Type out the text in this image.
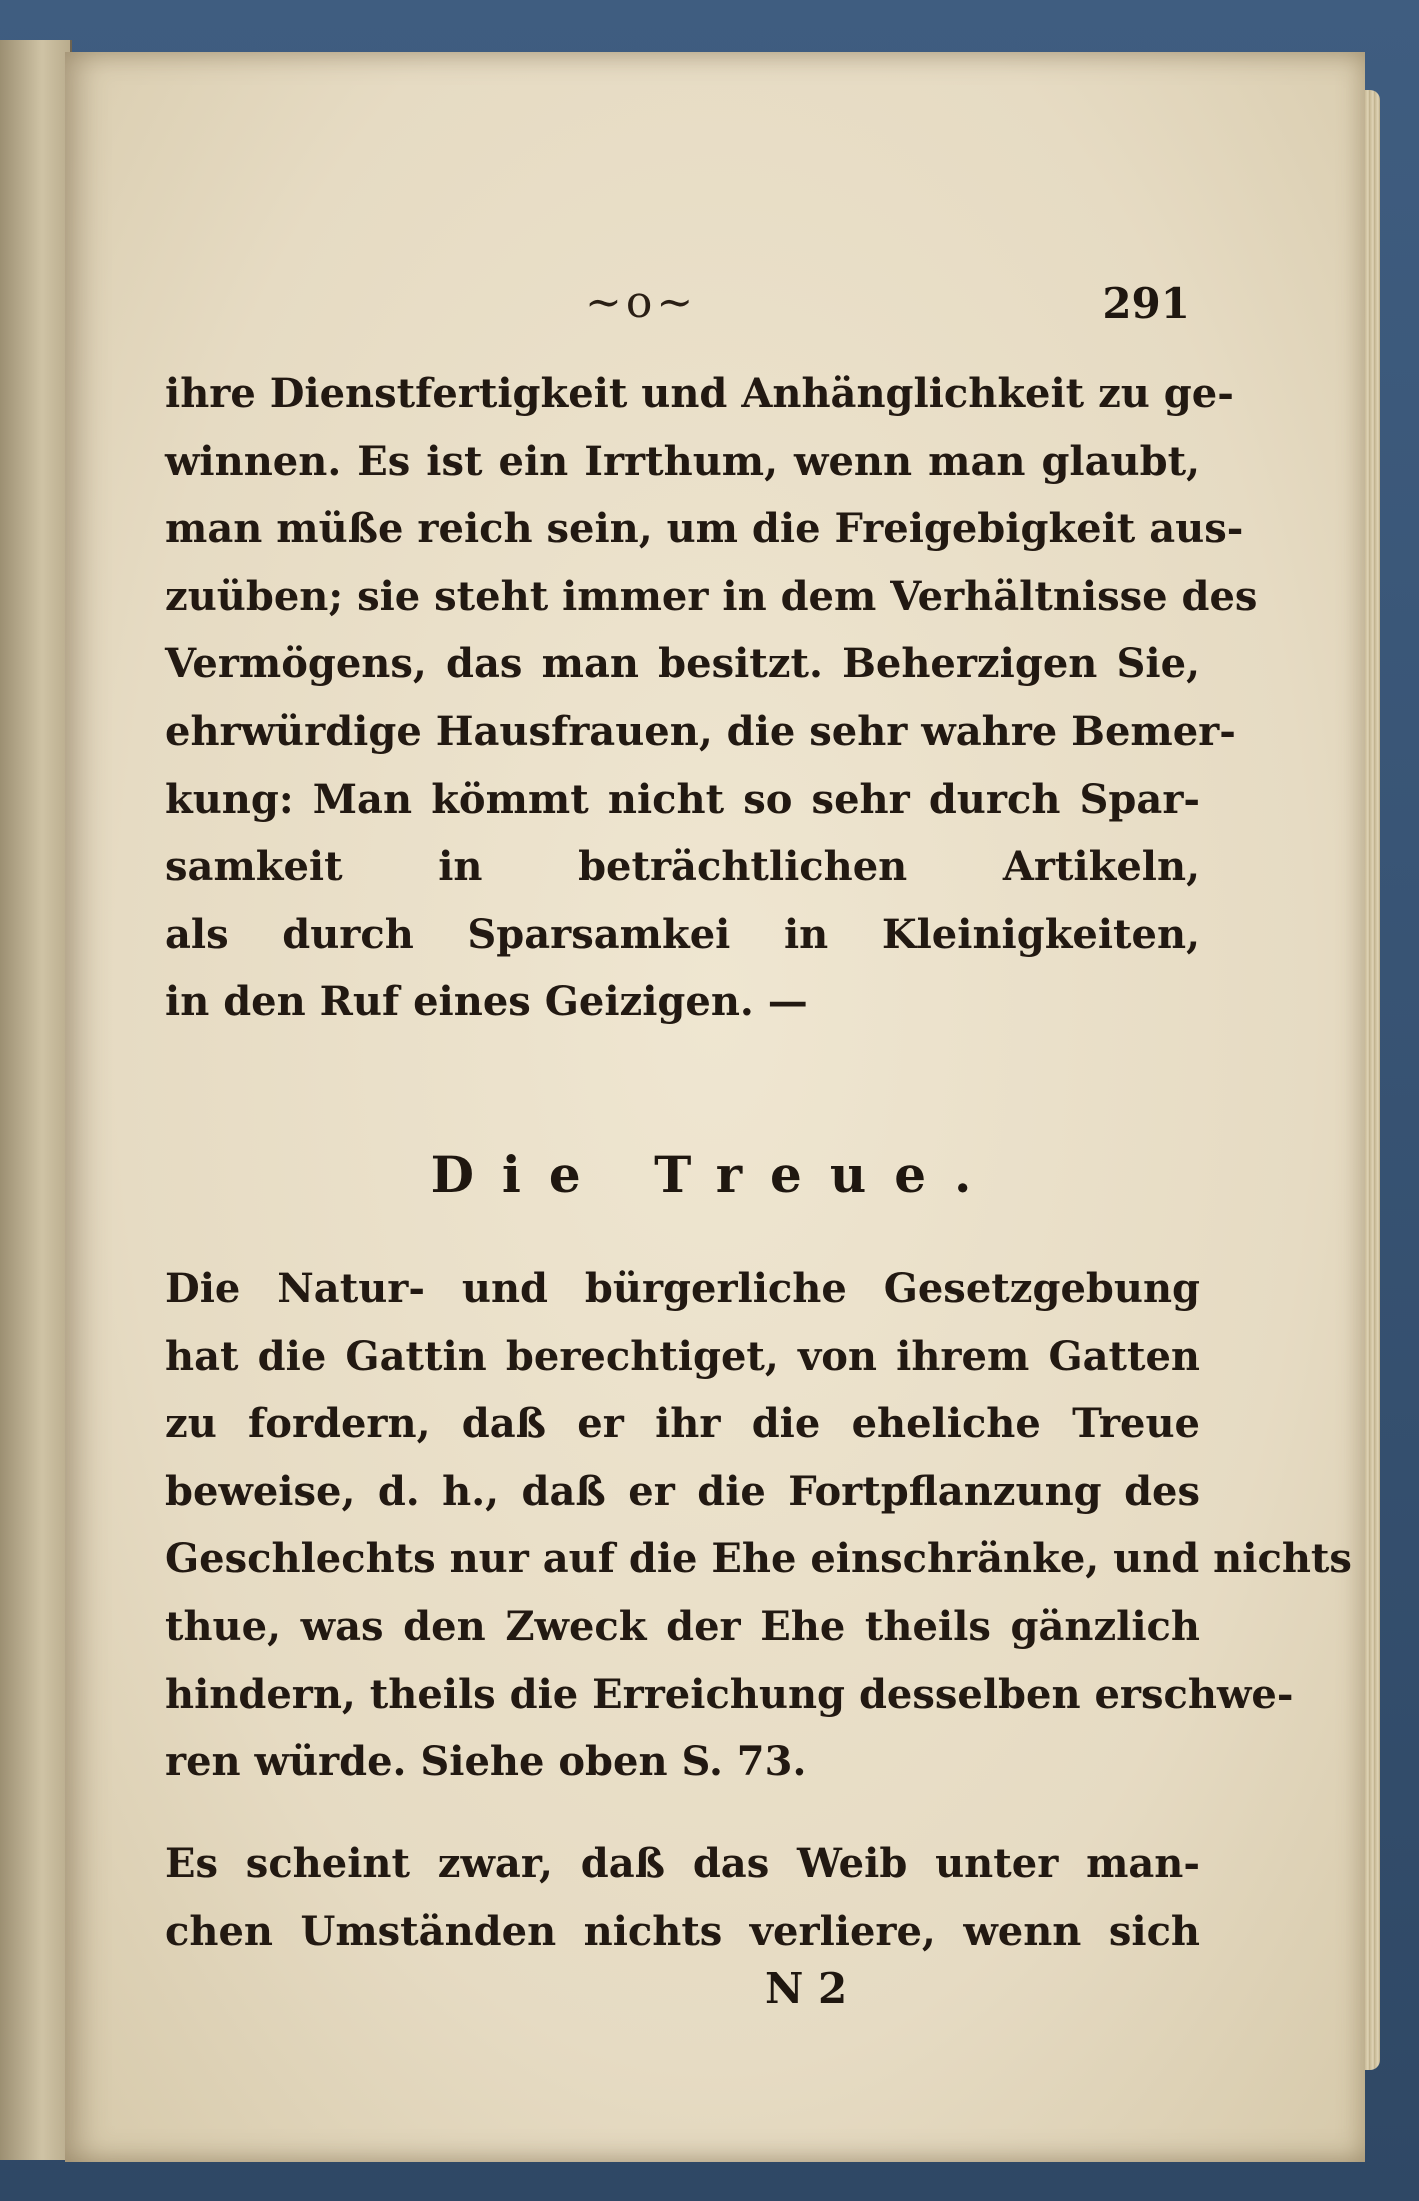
~o~	291
ihre Dienstfertigkeit und Anhänglichkeit zu ge-
winnen. Es ist ein Irrthum, wenn man glaubt,
man müße reich sein, um die Freigebigkeit aus-
zuüben; sie steht immer in dem Verhältnisse des
Vermögens, das man besitzt. Beherzigen Sie,
ehrwürdige Hausfrauen, die sehr wahre Bemer-
kung: Man kömmt nicht so sehr durch Spar-
samkeit in beträchtlichen Artikeln,
als durch Sparsamkei in Kleinigkeiten,
in den Ruf eines Geizigen. —
Die Treue.
Die Natur- und bürgerliche Gesetzgebung
hat die Gattin berechtiget, von ihrem Gatten
zu fordern, daß er ihr die eheliche Treue
beweise, d. h., daß er die Fortpflanzung des
Geschlechts nur auf die Ehe einschränke, und nichts
thue, was den Zweck der Ehe theils gänzlich
hindern, theils die Erreichung desselben erschwe-
ren würde. Siehe oben S. 73.
Es scheint zwar, daß das Weib unter man-
chen Umständen nichts verliere, wenn sich
N 2
